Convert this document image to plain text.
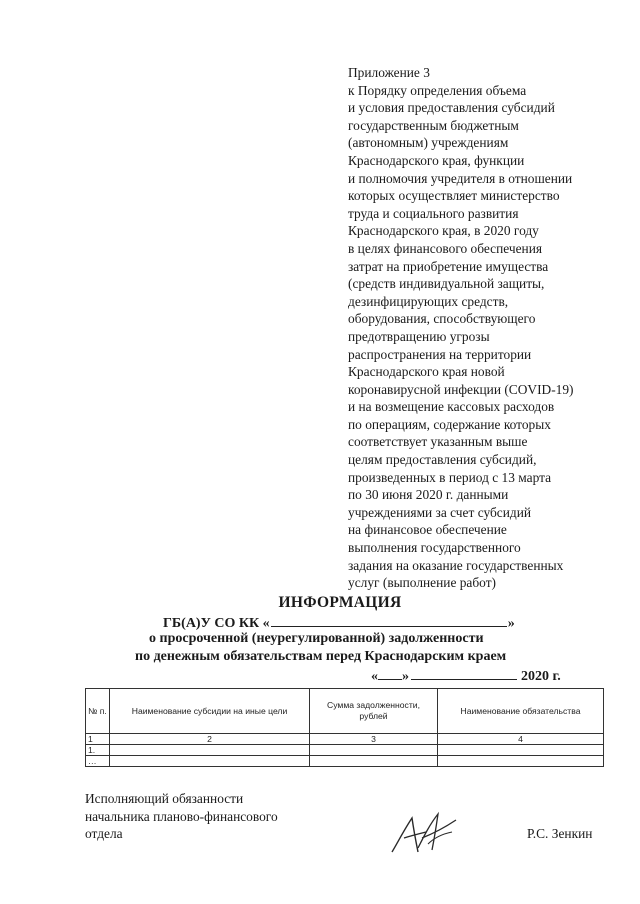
Приложение 3
к Порядку определения объема
и условия предоставления субсидий
государственным бюджетным
(автономным) учреждениям
Краснодарского края, функции
и полномочия учредителя в отношении
которых осуществляет министерство
труда и социального развития
Краснодарского края, в 2020 году
в целях финансового обеспечения
затрат на приобретение имущества
(средств индивидуальной защиты,
дезинфицирующих средств,
оборудования, способствующего
предотвращению угрозы
распространения на территории
Краснодарского края новой
коронавирусной инфекции (COVID-19)
и на возмещение кассовых расходов
по операциям, содержание которых
соответствует указанным выше
целям предоставления субсидий,
произведенных в период с 13 марта
по 30 июня 2020 г. данными
учреждениями за счет субсидий
на финансовое обеспечение
выполнения государственного
задания на оказание государственных
услуг (выполнение работ)
ИНФОРМАЦИЯ
ГБ(А)У СО КК «	»
о просроченной (неурегулированной) задолженности
по денежным обязательствам перед Краснодарским краем
« »	2020 г.
№ п.	Наименование субсидии на иные цели	Сумма задолженности, рублей	Наименование обязательства
1	2	3	4
1.			
…			
Исполняющий обязанности
начальника планово-финансового
отдела	Р.С. Зенкин
